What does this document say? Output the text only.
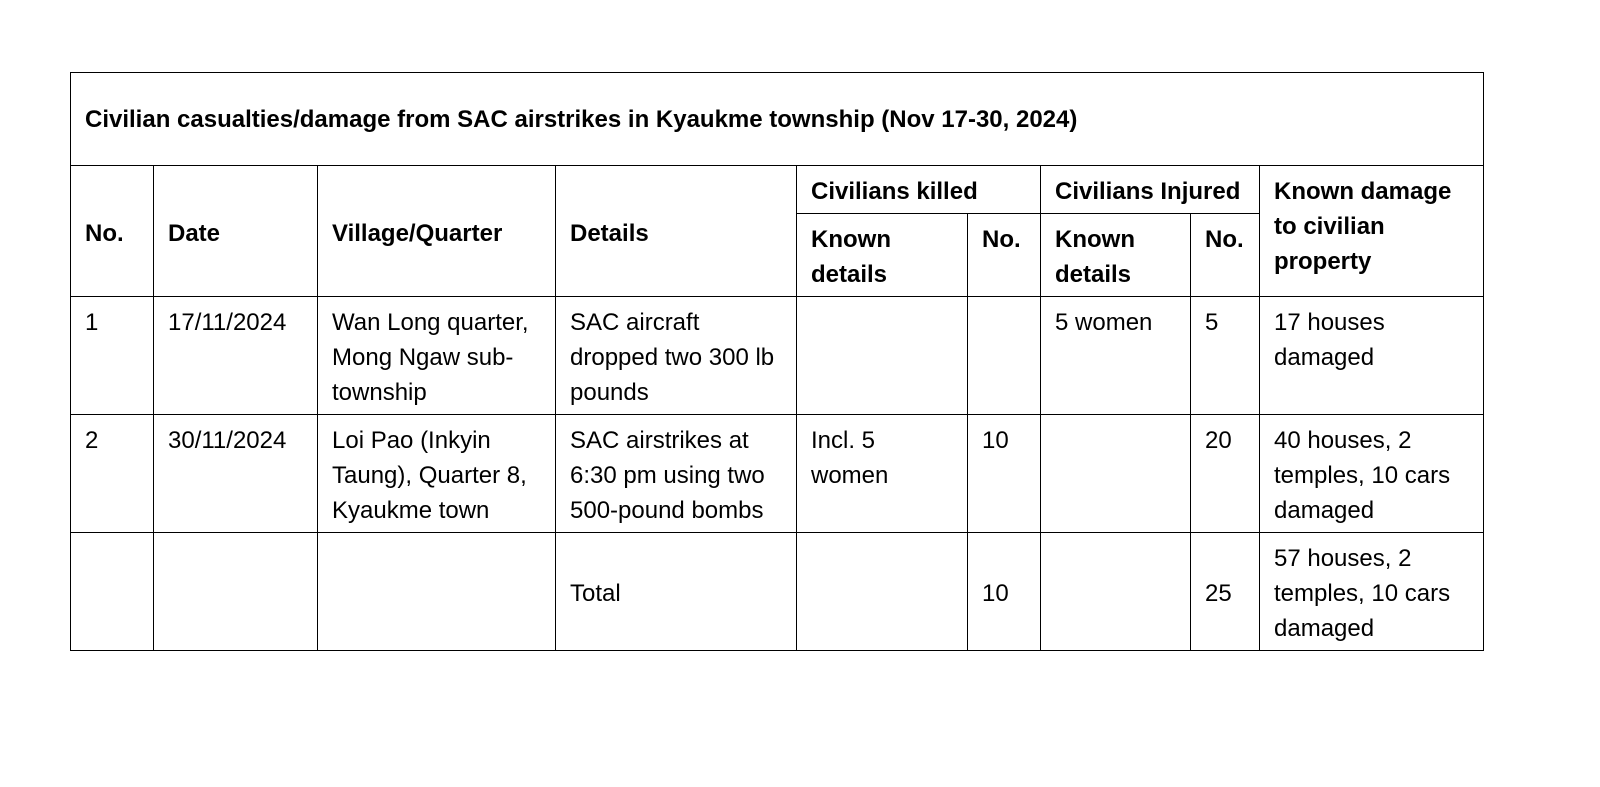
Civilian casualties/damage from SAC airstrikes in Kyaukme township (Nov 17-30, 2024)								
No.	Date	Village/Quarter	Details	Civilians killed		Civilians Injured		Known damage to civilian property
				Known details	No.	Known details	No.	
1	17/11/2024	Wan Long quarter, Mong Ngaw sub-township	SAC aircraft dropped two 300 lb pounds			5 women	5	17 houses damaged
2	30/11/2024	Loi Pao (Inkyin Taung), Quarter 8, Kyaukme town	SAC airstrikes at 6:30 pm using two 500-pound bombs	Incl. 5 women	10		20	40 houses, 2 temples, 10 cars damaged
			Total		10		25	57 houses, 2 temples, 10 cars damaged
